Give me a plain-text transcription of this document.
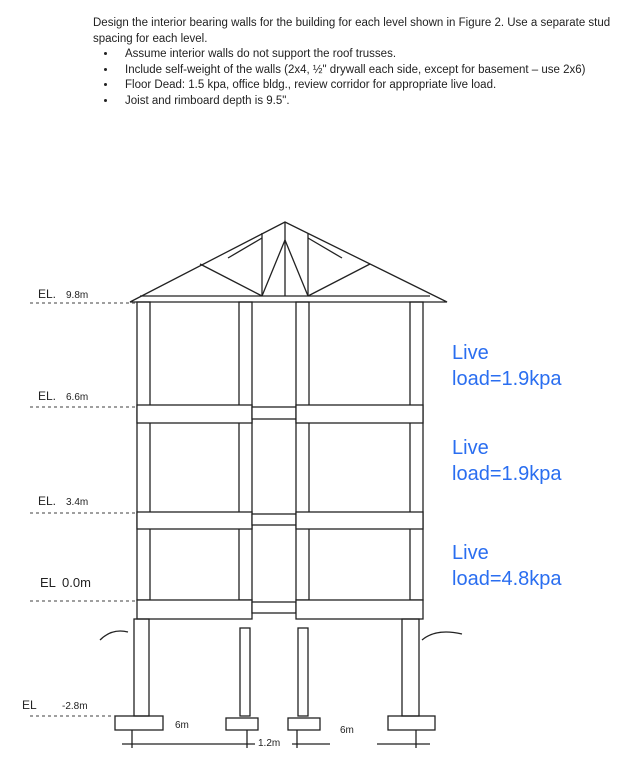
Design the interior bearing walls for the building for each level shown in Figure 2. Use a separate stud spacing for each level.
• Assume interior walls do not support the roof trusses.
• Include self-weight of the walls (2x4, ½" drywall each side, except for basement – use 2x6)
• Floor Dead: 1.5 kpa, office bldg., review corridor for appropriate live load.
• Joist and rimboard depth is 9.5".
EL. 9.8m
EL. 6.6m
EL. 3.4m
EL 0.0m
EL	-2.8m
6m
1.2m
6m
Live
load=1.9kpa
Live
load=1.9kpa
Live
load=4.8kpa
